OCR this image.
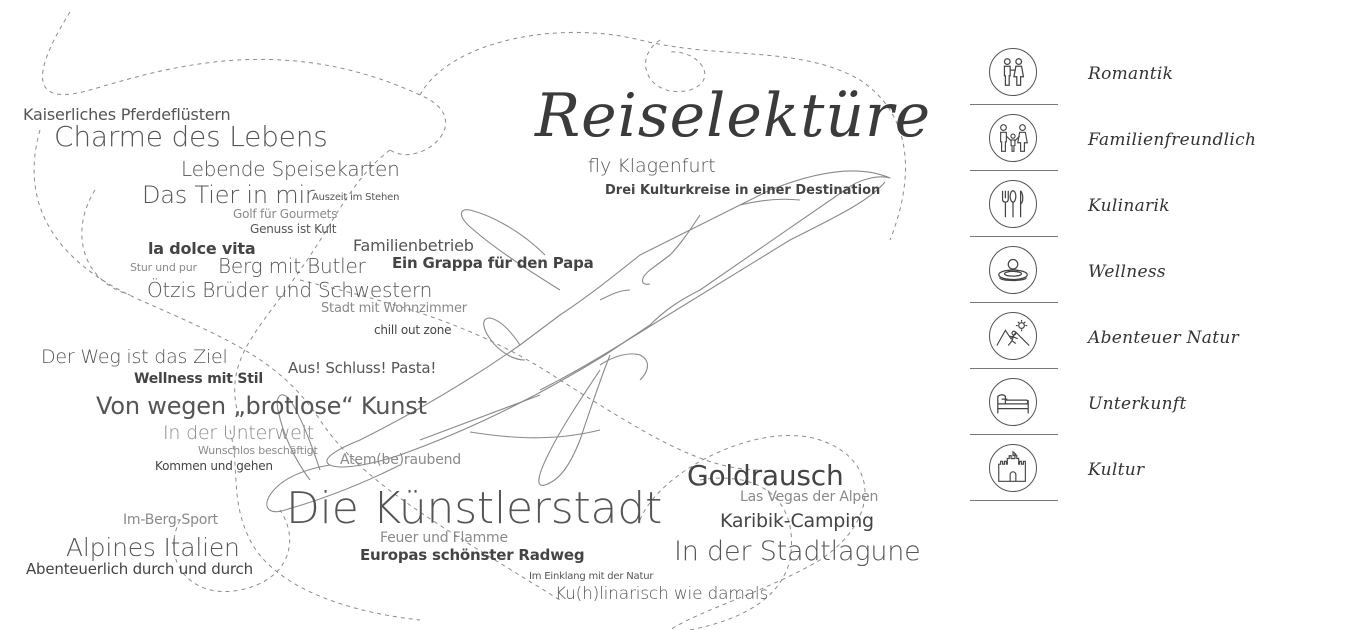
Reiselektüre
fly Klagenfurt
Drei Kulturkreise in einer Destination
Kaiserliches Pferdeflüstern
Charme des Lebens
Lebende Speisekarten
Das Tier in mir
Auszeit im Stehen
Golf für Gourmets
Genuss ist Kult
la dolce vita	Familienbetrieb
Stur und pur Berg mit Butler Ein Grappa für den Papa
Ötzis Brüder und Schwestern
Stadt mit Wohnzimmer
chill out zone
Der Weg ist das Ziel	Aus! Schluss! Pasta!
Wellness mit Stil
Von wegen „brotlose“ Kunst
In der Unterwelt
Wunschlos beschäftigt
Atem(be)raubend
Kommen und gehen	Goldrausch
Las Vegas der Alpen
Die Künstlerstadt	Karibik-Camping
Im-Berg-Sport
Feuer und Flamme	In der Stadtlagune
Alpines Italien	Europas schönster Radweg
Abenteuerlich durch und durch	Im Einklang mit der Natur
Ku(h)linarisch wie damals
Romantik
Familienfreundlich
Kulinarik
Wellness
Abenteuer Natur
Unterkunft
Kultur
